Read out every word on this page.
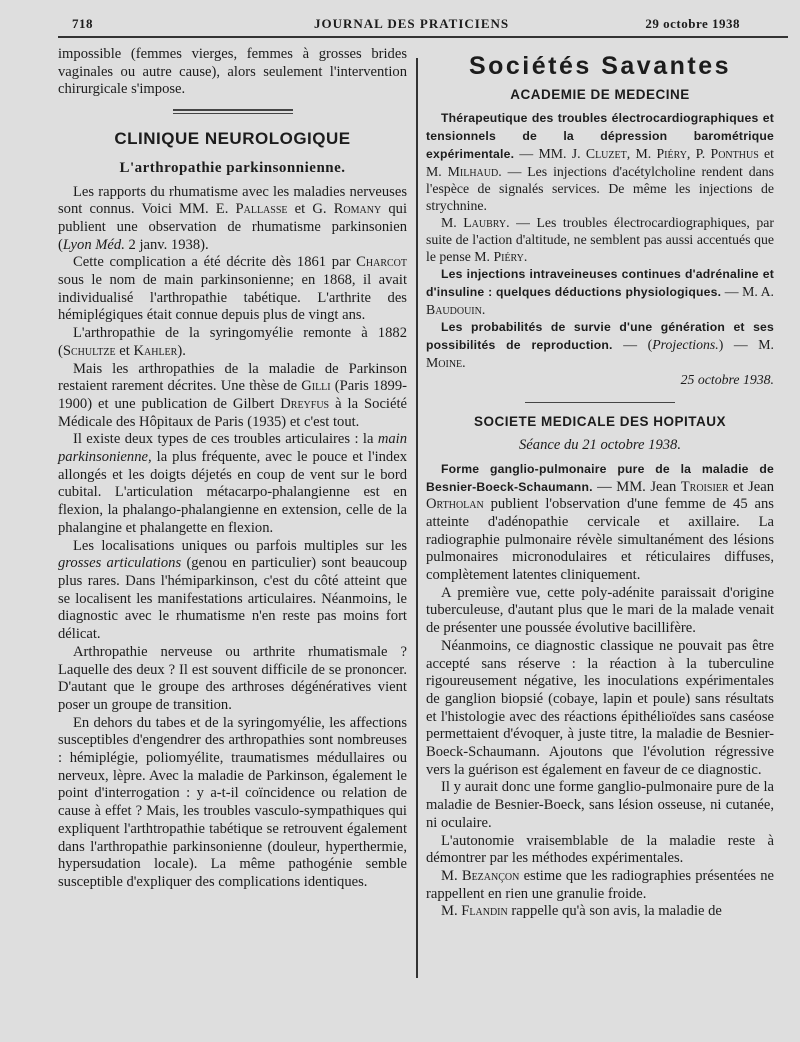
718	JOURNAL DES PRATICIENS	29 octobre 1938

impossible (femmes vierges, femmes à grosses brides vaginales ou autre cause), alors seulement l'intervention chirurgicale s'impose.

CLINIQUE NEUROLOGIQUE
L'arthropathie parkinsonnienne.

Les rapports du rhumatisme avec les maladies nerveuses sont connus. Voici MM. E. Pallasse et G. Romany qui publient une observation de rhumatisme parkinsonien (Lyon Méd. 2 janv. 1938).

Cette complication a été décrite dès 1861 par Charcot sous le nom de main parkinsonienne; en 1868, il avait individualisé l'arthropathie tabétique. L'arthrite des hémiplégiques était connue depuis plus de vingt ans.

L'arthropathie de la syringomyélie remonte à 1882 (Schultze et Kahler).

Mais les arthropathies de la maladie de Parkinson restaient rarement décrites. Une thèse de Gilli (Paris 1899-1900) et une publication de Gilbert Dreyfus à la Société Médicale des Hôpitaux de Paris (1935) et c'est tout.

Il existe deux types de ces troubles articulaires : la main parkinsonienne, la plus fréquente, avec le pouce et l'index allongés et les doigts déjetés en coup de vent sur le bord cubital. L'articulation métacarpo-phalangienne est en flexion, la phalango-phalangienne en extension, celle de la phalangine et phalangette en flexion.

Les localisations uniques ou parfois multiples sur les grosses articulations (genou en particulier) sont beaucoup plus rares. Dans l'hémiparkinson, c'est du côté atteint que se localisent les manifestations articulaires. Néanmoins, le diagnostic avec le rhumatisme n'en reste pas moins fort délicat.

Arthropathie nerveuse ou arthrite rhumatismale ? Laquelle des deux ? Il est souvent difficile de se prononcer. D'autant que le groupe des arthroses dégénératives vient poser un groupe de transition.

En dehors du tabes et de la syringomyélie, les affections susceptibles d'engendrer des arthropathies sont nombreuses : hémiplégie, poliomyélite, traumatismes médullaires ou nerveux, lèpre. Avec la maladie de Parkinson, également le point d'interrogation : y a-t-il coïncidence ou relation de cause à effet ? Mais, les troubles vasculo-sympathiques qui expliquent l'arthtropathie tabétique se retrouvent également dans l'arthropathie parkinsonienne (douleur, hyperthermie, hypersudation locale). La même pathogénie semble susceptible d'expliquer des complications identiques.

Sociétés Savantes
ACADEMIE DE MEDECINE

Thérapeutique des troubles électrocardiographiques et tensionnels de la dépression barométrique expérimentale. — MM. J. Cluzet, M. Piéry, P. Ponthus et M. Milhaud. — Les injections d'acétylcholine rendent dans l'espèce de signalés services. De même les injections de strychnine.

M. Laubry. — Les troubles électrocardiographiques, par suite de l'action d'altitude, ne semblent pas aussi accentués que le pense M. Piéry.

Les injections intraveineuses continues d'adrénaline et d'insuline : quelques déductions physiologiques. — M. A. Baudouin.

Les probabilités de survie d'une génération et ses possibilités de reproduction. — (Projections.) — M. Moine.

25 octobre 1938.

SOCIETE MEDICALE DES HOPITAUX
Séance du 21 octobre 1938.

Forme ganglio-pulmonaire pure de la maladie de Besnier-Boeck-Schaumann. — MM. Jean Troisier et Jean Ortholan publient l'observation d'une femme de 45 ans atteinte d'adénopathie cervicale et axillaire. La radiographie pulmonaire révèle simultanément des lésions pulmonaires micronodulaires et réticulaires diffuses, complètement latentes cliniquement.

A première vue, cette poly-adénite paraissait d'origine tuberculeuse, d'autant plus que le mari de la malade venait de présenter une poussée évolutive bacillifère.

Néanmoins, ce diagnostic classique ne pouvait pas être accepté sans réserve : la réaction à la tuberculine rigoureusement négative, les inoculations expérimentales de ganglion biopsié (cobaye, lapin et poule) sans résultats et l'histologie avec des réactions épithélioïdes sans caséose permettaient d'évoquer, à juste titre, la maladie de Besnier-Boeck-Schaumann. Ajoutons que l'évolution régressive vers la guérison est également en faveur de ce diagnostic.

Il y aurait donc une forme ganglio-pulmonaire pure de la maladie de Besnier-Boeck, sans lésion osseuse, ni cutanée, ni oculaire.

L'autonomie vraisemblable de la maladie reste à démontrer par les méthodes expérimentales.

M. Bezançon estime que les radiographies présentées ne rappellent en rien une granulie froide.

M. Flandin rappelle qu'à son avis, la maladie de
